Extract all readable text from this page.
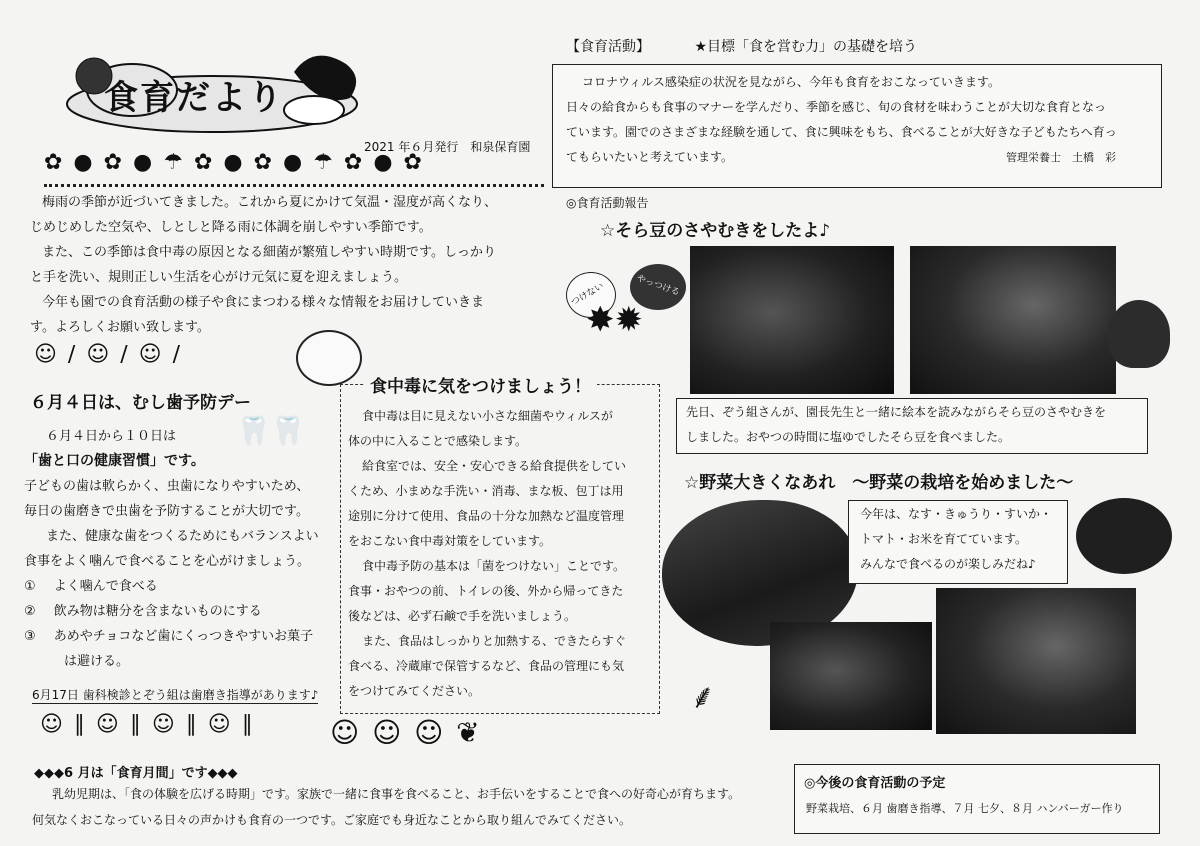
食育だより
2021 年６月発行　和泉保育園
✿ ● ✿ ● ☂ ✿ ● ✿ ● ☂ ✿ ● ✿
梅雨の季節が近づいてきました。これから夏にかけて気温・湿度が高くなり、
じめじめした空気や、しとしと降る雨に体調を崩しやすい季節です。
また、この季節は食中毒の原因となる細菌が繁殖しやすい時期です。しっかり
と手を洗い、規則正しい生活を心がけ元気に夏を迎えましょう。
今年も園での食育活動の様子や食にまつわる様々な情報をお届けしていきま
す。よろしくお願い致します。
☺ ∕ ☺ ∕ ☺ ∕
６月４日は、むし歯予防デー
🦷🦷
６月４日から１０日は
「歯と口の健康習慣」です。
子どもの歯は軟らかく、虫歯になりやすいため、
毎日の歯磨きで虫歯を予防することが大切です。
また、健康な歯をつくるためにもバランスよい
食事をよく噛んで食べることを心がけましょう。
① よく噛んで食べる
② 飲み物は糖分を含まないものにする
③ あめやチョコなど歯にくっつきやすいお菓子
は避ける。
6月17日 歯科検診とぞう組は歯磨き指導があります♪
☺ ∥ ☺ ∥ ☺ ∥ ☺ ∥
食中毒に気をつけましょう！
食中毒は目に見えない小さな細菌やウィルスが
体の中に入ることで感染します。
給食室では、安全・安心できる給食提供をしてい
くため、小まめな手洗い・消毒、まな板、包丁は用
途別に分けて使用、食品の十分な加熱など温度管理
をおこない食中毒対策をしています。
食中毒予防の基本は「菌をつけない」ことです。
食事・おやつの前、トイレの後、外から帰ってきた
後などは、必ず石鹸で手を洗いましょう。
また、食品はしっかりと加熱する、できたらすぐ
食べる、冷蔵庫で保管するなど、食品の管理にも気
をつけてみてください。
つけない	やっつける
✸✹
☺ ☺ ☺ ❦
◆◆◆6 月は「食育月間」です◆◆◆
乳幼児期は、「食の体験を広げる時期」です。家族で一緒に食事を食べること、お手伝いをすることで食への好奇心が育ちます。
何気なくおこなっている日々の声かけも食育の一つです。ご家庭でも身近なことから取り組んでみてください。
【食育活動】	★目標「食を営む力」の基礎を培う
コロナウィルス感染症の状況を見ながら、今年も食育をおこなっていきます。
日々の給食からも食事のマナーを学んだり、季節を感じ、旬の食材を味わうことが大切な食育となっ
ています。園でのさまざまな経験を通して、食に興味をもち、食べることが大好きな子どもたちへ育っ
てもらいたいと考えています。	管理栄養士　土橋　彩
◎食育活動報告
☆そら豆のさやむきをしたよ♪
先日、ぞう組さんが、園長先生と一緒に絵本を読みながらそら豆のさやむきを
しました。おやつの時間に塩ゆでしたそら豆を食べました。
☆野菜大きくなあれ　～野菜の栽培を始めました～
今年は、なす・きゅうり・すいか・
トマト・お米を育てています。
みんなで食べるのが楽しみだね♪
⸙
◎今後の食育活動の予定
野菜栽培、６月 歯磨き指導、７月 七夕、８月 ハンバーガー作り
